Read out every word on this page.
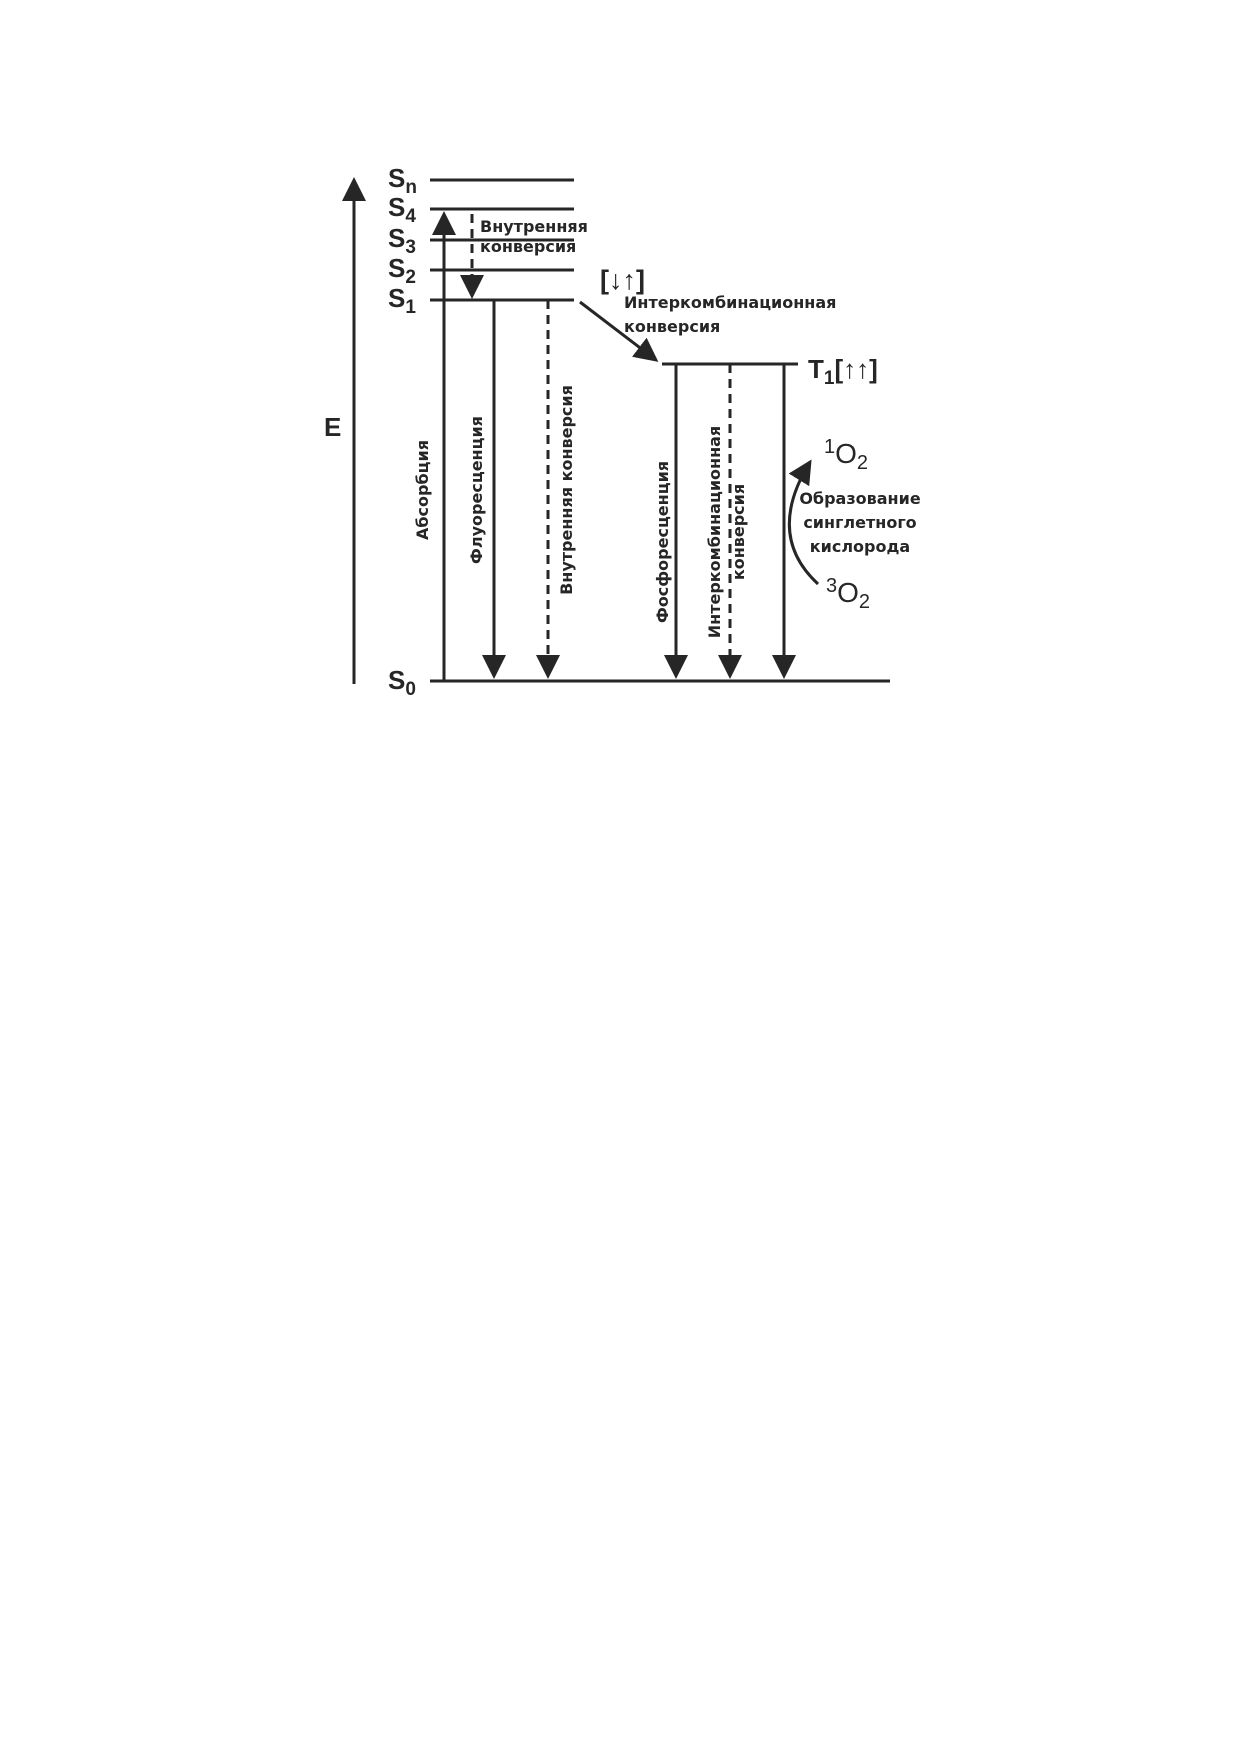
E
$S_n$
$S_4$
$S_3$
$S_2$
$S_1$
$S_0$
$T_1[↑↑]$
[↓↑]
Абсорбция
Внутренняя конверсия
Флуоресценция	Внутренняя конверсия
Интеркомбинационная конверсия
Фосфоресценция Интеркомбинационная конверсия
$^1O_2$
$^3O_2$
Образование синглетного кислорода
